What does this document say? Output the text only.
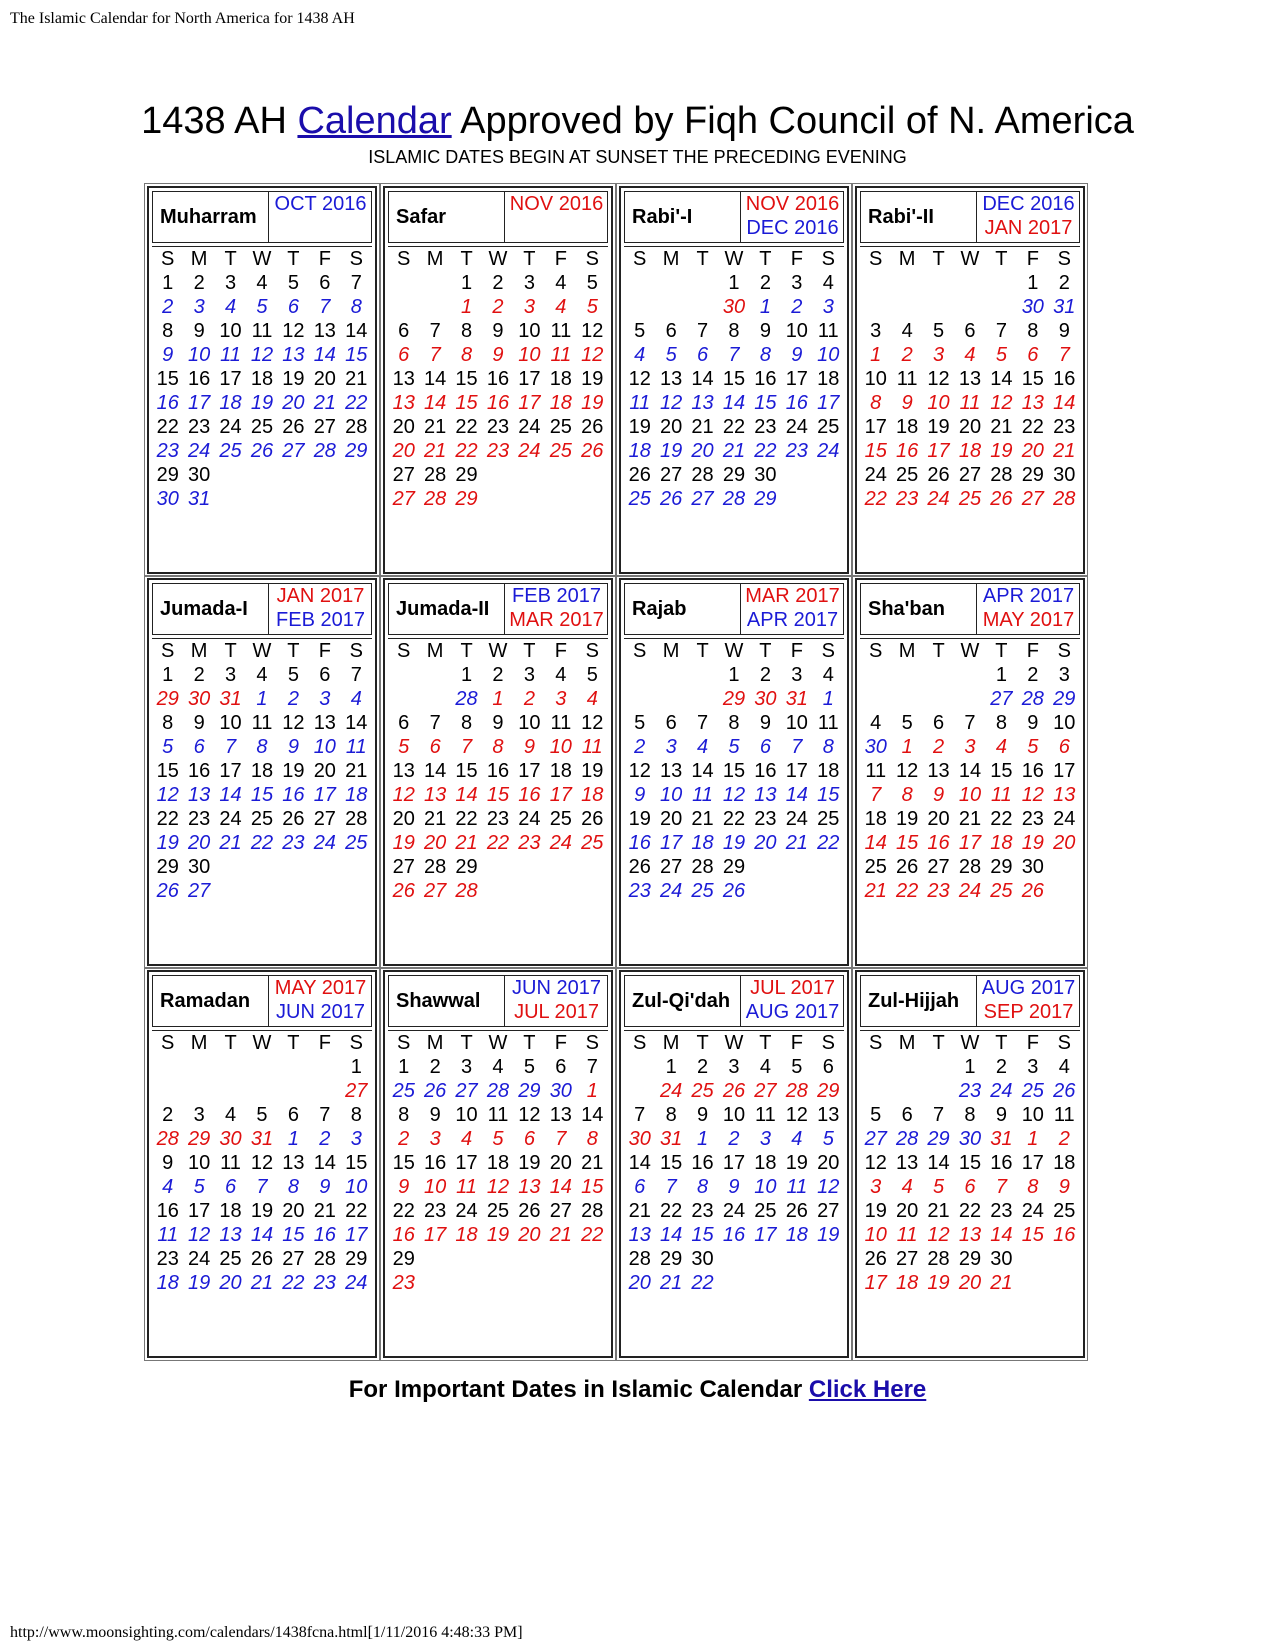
The Islamic Calendar for North America for 1438 AH
1438 AH Calendar Approved by Fiqh Council of N. America
ISLAMIC DATES BEGIN AT SUNSET THE PRECEDING EVENING
Muharram
OCT 2016
S	M	T	W	T	F	S
1	2	3	4	5	6	7
2	3	4	5	6	7	8
8	9	10	11	12	13	14
9	10	11	12	13	14	15
15	16	17	18	19	20	21
16	17	18	19	20	21	22
22	23	24	25	26	27	28
23	24	25	26	27	28	29
29	30					
30	31					
Safar
NOV 2016
S	M	T	W	T	F	S
		1	2	3	4	5
		1	2	3	4	5
6	7	8	9	10	11	12
6	7	8	9	10	11	12
13	14	15	16	17	18	19
13	14	15	16	17	18	19
20	21	22	23	24	25	26
20	21	22	23	24	25	26
27	28	29				
27	28	29				
Rabi'-I
NOV 2016
DEC 2016
S	M	T	W	T	F	S
			1	2	3	4
			30	1	2	3
5	6	7	8	9	10	11
4	5	6	7	8	9	10
12	13	14	15	16	17	18
11	12	13	14	15	16	17
19	20	21	22	23	24	25
18	19	20	21	22	23	24
26	27	28	29	30		
25	26	27	28	29		
Rabi'-II
DEC 2016
JAN 2017
S	M	T	W	T	F	S
					1	2
					30	31
3	4	5	6	7	8	9
1	2	3	4	5	6	7
10	11	12	13	14	15	16
8	9	10	11	12	13	14
17	18	19	20	21	22	23
15	16	17	18	19	20	21
24	25	26	27	28	29	30
22	23	24	25	26	27	28
Jumada-I
JAN 2017
FEB 2017
S	M	T	W	T	F	S
1	2	3	4	5	6	7
29	30	31	1	2	3	4
8	9	10	11	12	13	14
5	6	7	8	9	10	11
15	16	17	18	19	20	21
12	13	14	15	16	17	18
22	23	24	25	26	27	28
19	20	21	22	23	24	25
29	30					
26	27					
Jumada-II
FEB 2017
MAR 2017
S	M	T	W	T	F	S
		1	2	3	4	5
		28	1	2	3	4
6	7	8	9	10	11	12
5	6	7	8	9	10	11
13	14	15	16	17	18	19
12	13	14	15	16	17	18
20	21	22	23	24	25	26
19	20	21	22	23	24	25
27	28	29				
26	27	28				
Rajab
MAR 2017
APR 2017
S	M	T	W	T	F	S
			1	2	3	4
			29	30	31	1
5	6	7	8	9	10	11
2	3	4	5	6	7	8
12	13	14	15	16	17	18
9	10	11	12	13	14	15
19	20	21	22	23	24	25
16	17	18	19	20	21	22
26	27	28	29			
23	24	25	26			
Sha'ban
APR 2017
MAY 2017
S	M	T	W	T	F	S
				1	2	3
				27	28	29
4	5	6	7	8	9	10
30	1	2	3	4	5	6
11	12	13	14	15	16	17
7	8	9	10	11	12	13
18	19	20	21	22	23	24
14	15	16	17	18	19	20
25	26	27	28	29	30	
21	22	23	24	25	26	
Ramadan
MAY 2017
JUN 2017
S	M	T	W	T	F	S
						1
						27
2	3	4	5	6	7	8
28	29	30	31	1	2	3
9	10	11	12	13	14	15
4	5	6	7	8	9	10
16	17	18	19	20	21	22
11	12	13	14	15	16	17
23	24	25	26	27	28	29
18	19	20	21	22	23	24
Shawwal
JUN 2017
JUL 2017
S	M	T	W	T	F	S
1	2	3	4	5	6	7
25	26	27	28	29	30	1
8	9	10	11	12	13	14
2	3	4	5	6	7	8
15	16	17	18	19	20	21
9	10	11	12	13	14	15
22	23	24	25	26	27	28
16	17	18	19	20	21	22
29						
23						
Zul-Qi'dah
JUL 2017
AUG 2017
S	M	T	W	T	F	S
	1	2	3	4	5	6
	24	25	26	27	28	29
7	8	9	10	11	12	13
30	31	1	2	3	4	5
14	15	16	17	18	19	20
6	7	8	9	10	11	12
21	22	23	24	25	26	27
13	14	15	16	17	18	19
28	29	30				
20	21	22				
Zul-Hijjah
AUG 2017
SEP 2017
S	M	T	W	T	F	S
			1	2	3	4
			23	24	25	26
5	6	7	8	9	10	11
27	28	29	30	31	1	2
12	13	14	15	16	17	18
3	4	5	6	7	8	9
19	20	21	22	23	24	25
10	11	12	13	14	15	16
26	27	28	29	30		
17	18	19	20	21		
For Important Dates in Islamic Calendar Click Here
http://www.moonsighting.com/calendars/1438fcna.html[1/11/2016 4:48:33 PM]
